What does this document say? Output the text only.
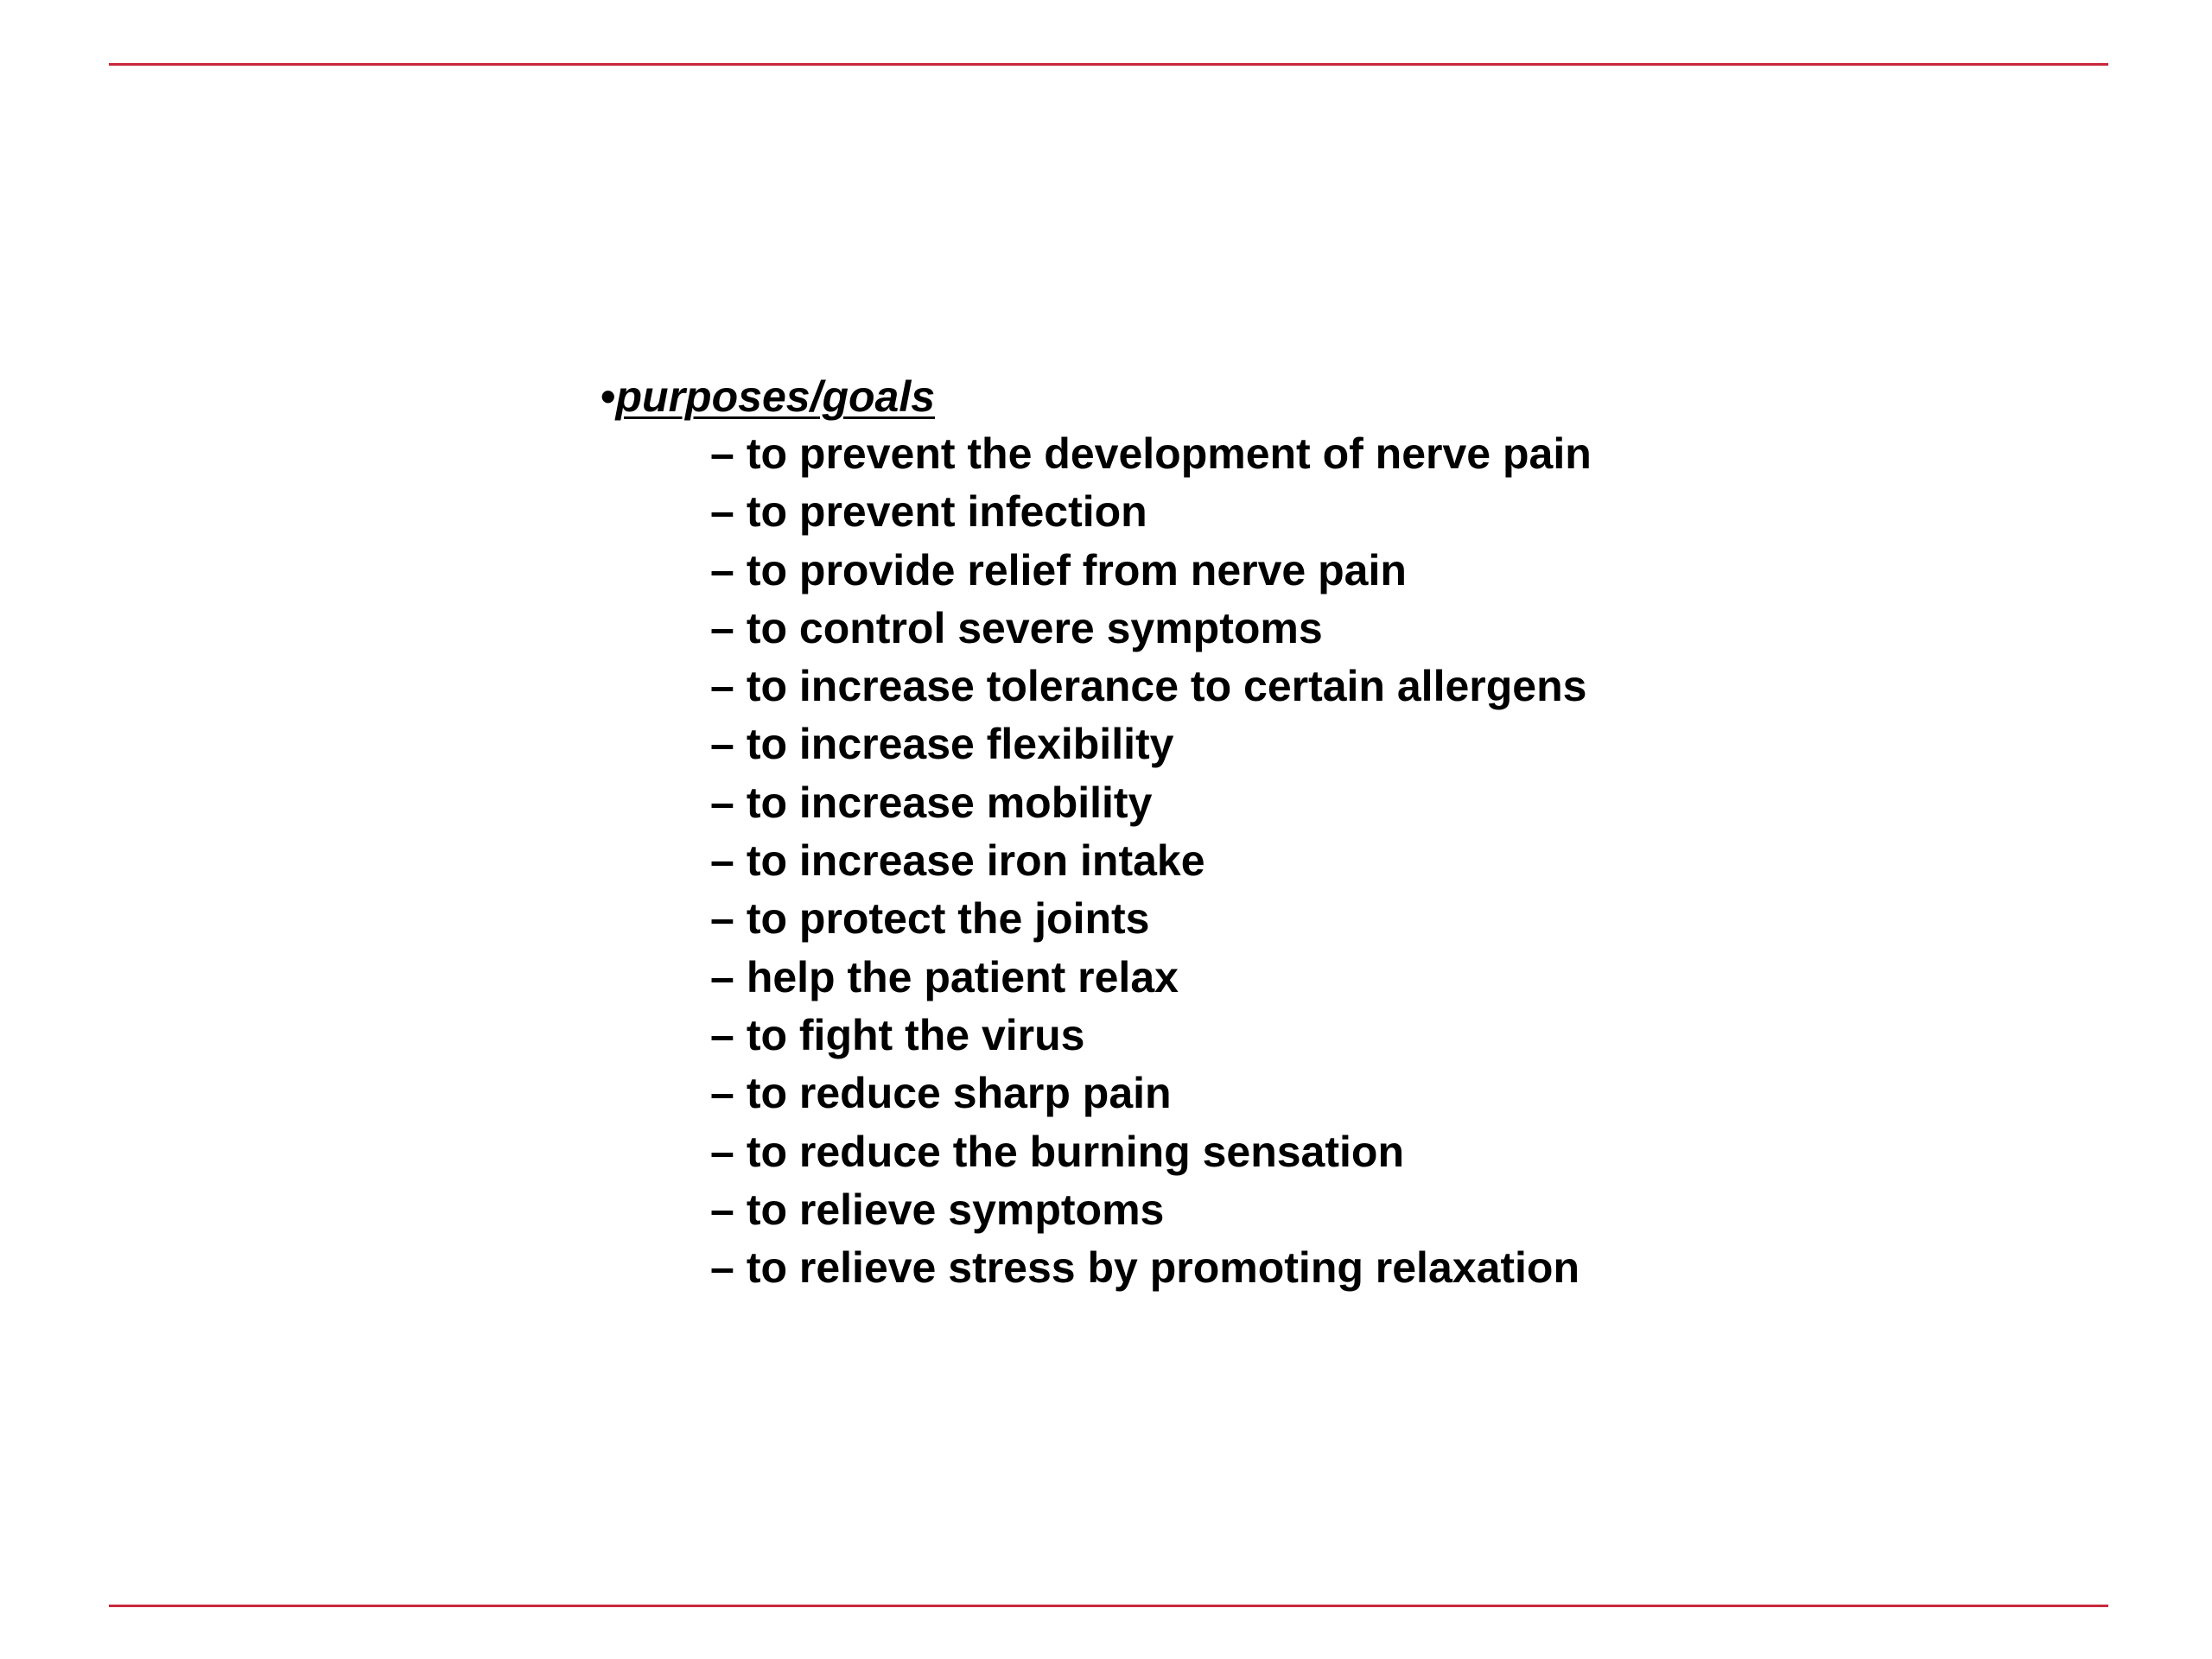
•purposes/goals
– to prevent the development of nerve pain
– to prevent infection
– to provide relief from nerve pain
– to control severe symptoms
– to increase tolerance to certain allergens
– to increase flexibility
– to increase mobility
– to increase iron intake
– to protect the joints
– help the patient relax
– to fight the virus
– to reduce sharp pain
– to reduce the burning sensation
– to relieve symptoms
– to relieve stress by promoting relaxation
